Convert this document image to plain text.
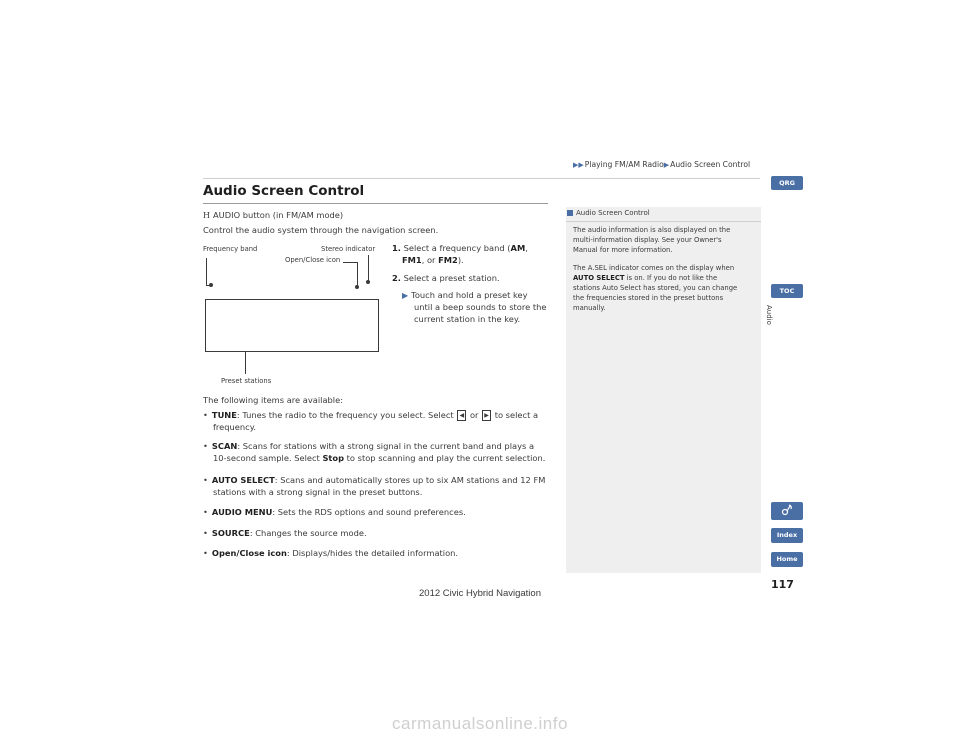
▶▶Playing FM/AM Radio▶Audio Screen Control
Audio Screen Control
H AUDIO button (in FM/AM mode)
Control the audio system through the navigation screen.
Frequency band	Stereo indicator
Open/Close icon
Preset stations
1. Select a frequency band (AM,
FM1, or FM2).
2. Select a preset station.
▶ Touch and hold a preset key
until a beep sounds to store the
current station in the key.
The following items are available:
• TUNE: Tunes the radio to the frequency you select. Select ◀ or ▶ to select a
frequency.
• SCAN: Scans for stations with a strong signal in the current band and plays a
10-second sample. Select Stop to stop scanning and play the current selection.
• AUTO SELECT: Scans and automatically stores up to six AM stations and 12 FM
stations with a strong signal in the preset buttons.
• AUDIO MENU: Sets the RDS options and sound preferences.
• SOURCE: Changes the source mode.
• Open/Close icon: Displays/hides the detailed information.
Audio Screen Control
The audio information is also displayed on the
multi-information display. See your Owner's
Manual for more information.
The A.SEL indicator comes on the display when
AUTO SELECT is on. If you do not like the
stations Auto Select has stored, you can change
the frequencies stored in the preset buttons
manually.
QRG
TOC
Audio
Index
Home
117
2012 Civic Hybrid Navigation
carmanualsonline.info
